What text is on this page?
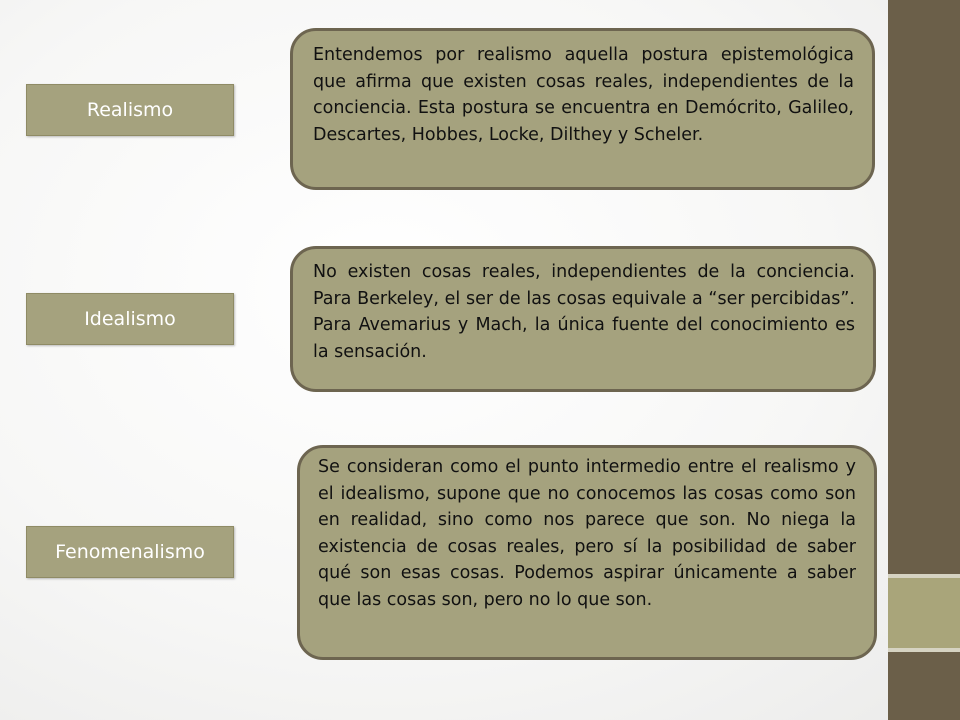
Realismo
Entendemos por realismo aquella postura epistemológica que afirma que existen cosas reales, independientes de la conciencia. Esta postura se encuentra en Demócrito, Galileo, Descartes, Hobbes, Locke, Dilthey y Scheler.
Idealismo
No existen cosas reales, independientes de la conciencia. Para Berkeley, el ser de las cosas equivale a “ser percibidas”. Para Avemarius y Mach, la única fuente del conocimiento es la sensación.
Fenomenalismo
Se consideran como el punto intermedio entre el realismo y el idealismo, supone que no conocemos las cosas como son en realidad, sino como nos parece que son. No niega la existencia de cosas reales, pero sí la posibilidad de saber qué son esas cosas. Podemos aspirar únicamente a saber que las cosas son, pero no lo que son.
